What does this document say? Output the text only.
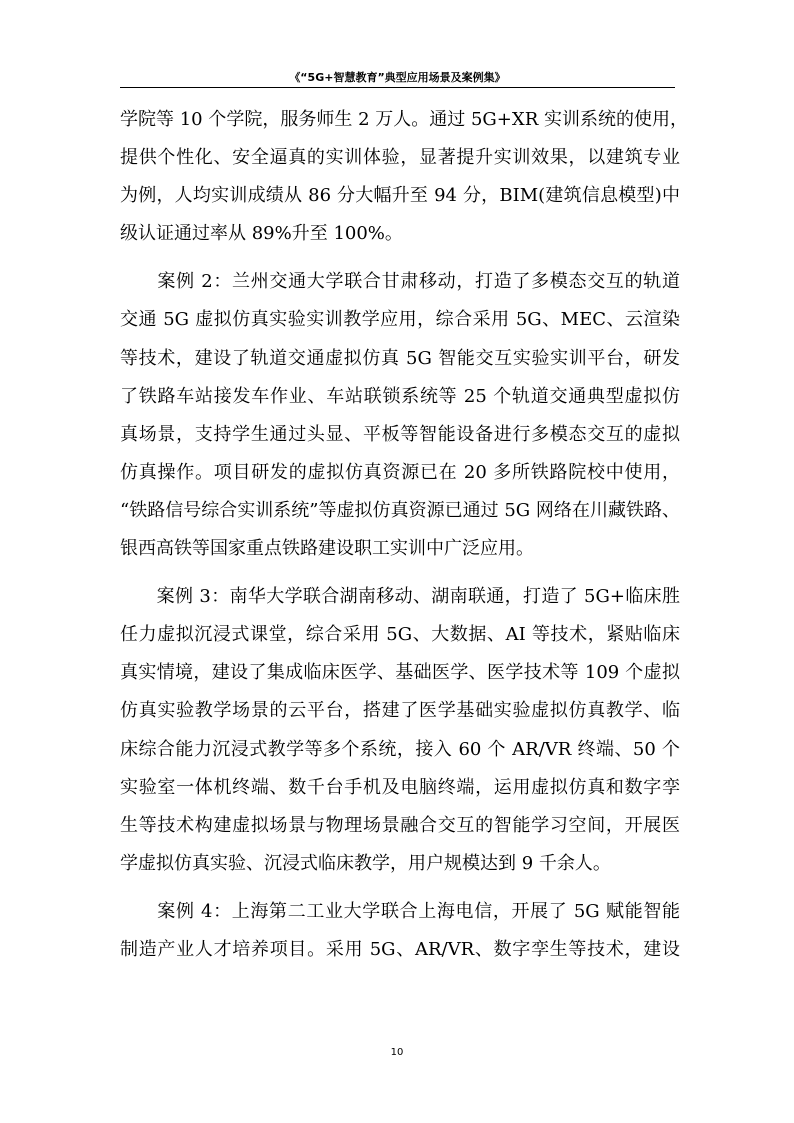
《“5G+智慧教育”典型应用场景及案例集》
学院等 10 个学院，服务师生 2 万人。通过 5G+XR 实训系统的使用，
提供个性化、安全逼真的实训体验，显著提升实训效果，以建筑专业
为例，人均实训成绩从 86 分大幅升至 94 分，BIM(建筑信息模型)中
级认证通过率从 89%升至 100%。
　　案例 2：兰州交通大学联合甘肃移动，打造了多模态交互的轨道
交通 5G 虚拟仿真实验实训教学应用，综合采用 5G、MEC、云渲染
等技术，建设了轨道交通虚拟仿真 5G 智能交互实验实训平台，研发
了铁路车站接发车作业、车站联锁系统等 25 个轨道交通典型虚拟仿
真场景，支持学生通过头显、平板等智能设备进行多模态交互的虚拟
仿真操作。项目研发的虚拟仿真资源已在 20 多所铁路院校中使用，
“铁路信号综合实训系统”等虚拟仿真资源已通过 5G 网络在川藏铁路、
银西高铁等国家重点铁路建设职工实训中广泛应用。
　　案例 3：南华大学联合湖南移动、湖南联通，打造了 5G+临床胜
任力虚拟沉浸式课堂，综合采用 5G、大数据、AI 等技术，紧贴临床
真实情境，建设了集成临床医学、基础医学、医学技术等 109 个虚拟
仿真实验教学场景的云平台，搭建了医学基础实验虚拟仿真教学、临
床综合能力沉浸式教学等多个系统，接入 60 个 AR/VR 终端、50 个
实验室一体机终端、数千台手机及电脑终端，运用虚拟仿真和数字孪
生等技术构建虚拟场景与物理场景融合交互的智能学习空间，开展医
学虚拟仿真实验、沉浸式临床教学，用户规模达到 9 千余人。
　　案例 4：上海第二工业大学联合上海电信，开展了 5G 赋能智能
制造产业人才培养项目。采用 5G、AR/VR、数字孪生等技术，建设
10
